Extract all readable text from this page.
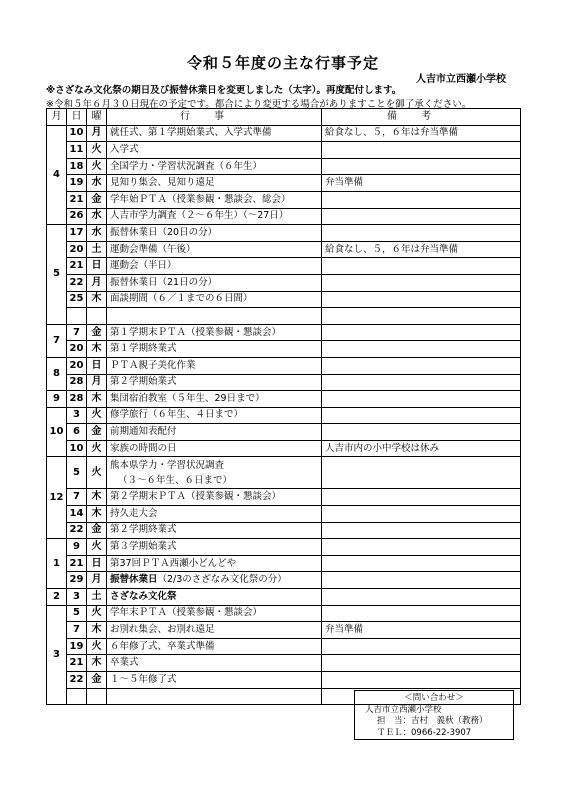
令和５年度の主な行事予定
人吉市立西瀬小学校
※さざなみ文化祭の期日及び振替休業日を変更しました（太字）。再度配付します。
※令和５年６月３０日現在の予定です。都合により変更する場合がありますことを御了承ください。
月	日	曜	行事	備考
4	10	月	就任式、第１学期始業式、入学式準備	給食なし、５，６年は弁当準備
	11	火	入学式	
	18	火	全国学力・学習状況調査（６年生）	
	19	水	見知り集会、見知り遠足	弁当準備
	21	金	学年始ＰＴＡ（授業参観・懇談会、総会）	
	26	水	人吉市学力調査（２～６年生）（～27日）	
5	17	水	振替休業日（20日の分）	
	20	土	運動会準備（午後）	給食なし、５，６年は弁当準備
	21	日	運動会（半日）	
	22	月	振替休業日（21日の分）	
	25	木	面談期間（６／１までの６日間）	

7	7	金	第１学期末ＰＴＡ（授業参観・懇談会）	
	20	木	第１学期終業式	
8	20	日	ＰＴＡ親子美化作業	
	28	月	第２学期始業式	
9	28	木	集団宿泊教室（５年生、29日まで）	
10	3	火	修学旅行（６年生、４日まで）	
	6	金	前期通知表配付	
	10	火	家族の時間の日	人吉市内の小中学校は休み
12	5	火	熊本県学力・学習状況調査
（３～６年生、６日まで）	

	7	木	第２学期末ＰＴＡ（授業参観・懇談会）	
	14	木	持久走大会	
	22	金	第２学期終業式	
1	9	火	第３学期始業式	
	21	日	第37回ＰＴＡ西瀬小どんどや	
	29	月	振替休業日（2/3のさざなみ文化祭の分）	
2	3	土	さざなみ文化祭	
3	5	火	学年末ＰＴＡ（授業参観・懇談会）	
	7	木	お別れ集会、お別れ遠足	弁当準備
	19	火	６年修了式、卒業式準備	
	21	木	卒業式	
	22	金	１～５年修了式	

＜問い合わせ＞
人吉市立西瀬小学校
担　当：吉村　義秋（教務）
ＴＥＬ：0966-22-3907
